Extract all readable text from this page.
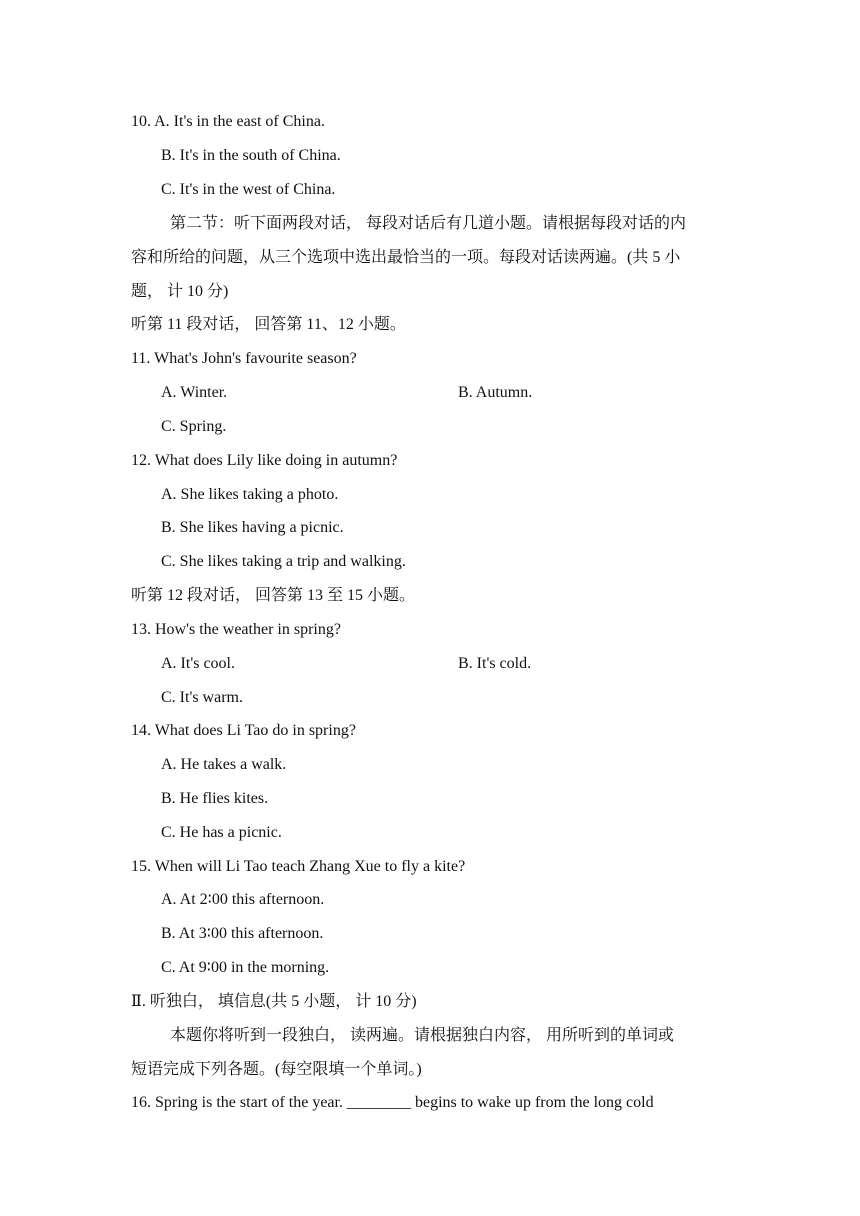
10. A. It's in the east of China.

B. It's in the south of China.

C. It's in the west of China.

第二节：听下面两段对话， 每段对话后有几道小题。请根据每段对话的内

容和所给的问题，从三个选项中选出最恰当的一项。每段对话读两遍。(共 5 小

题， 计 10 分)

听第 11 段对话， 回答第 11、12 小题。

11. What's John's favourite season?

A. Winter.	B. Autumn.

C. Spring.

12. What does Lily like doing in autumn?

A. She likes taking a photo.

B. She likes having a picnic.

C. She likes taking a trip and walking.

听第 12 段对话， 回答第 13 至 15 小题。

13. How's the weather in spring?

A. It's cool.	B. It's cold.

C. It's warm.

14. What does Li Tao do in spring?

A. He takes a walk.

B. He flies kites.

C. He has a picnic.

15. When will Li Tao teach Zhang Xue to fly a kite?

A. At 2∶00 this afternoon.

B. At 3∶00 this afternoon.

C. At 9∶00 in the morning.

Ⅱ. 听独白， 填信息(共 5 小题， 计 10 分)

本题你将听到一段独白， 读两遍。请根据独白内容， 用所听到的单词或

短语完成下列各题。(每空限填一个单词。)

16. Spring is the start of the year. ________ begins to wake up from the long cold
